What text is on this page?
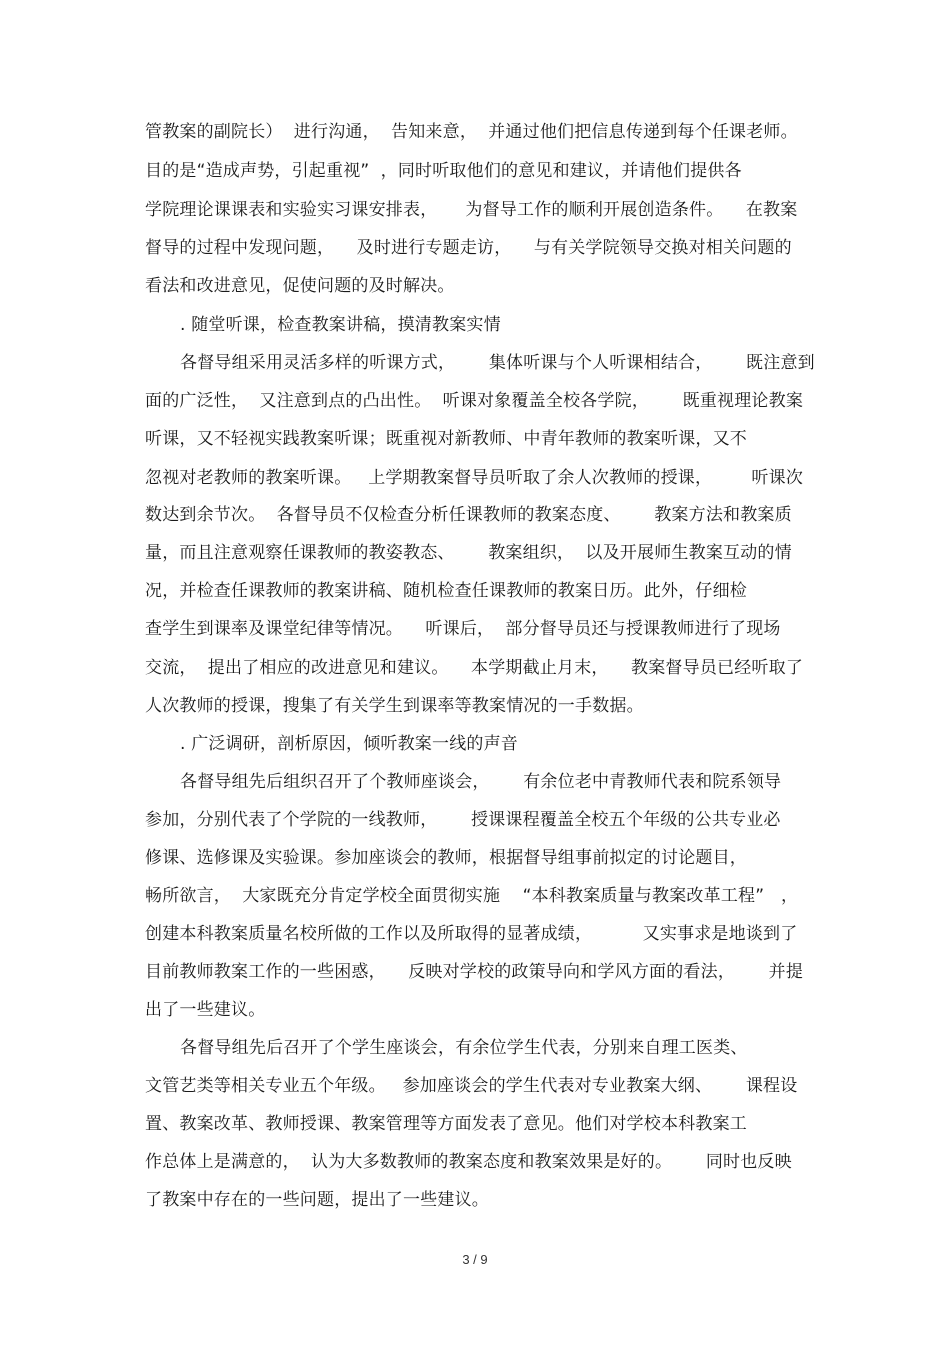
管教案的副院长）  进行沟通，  告知来意，  并通过他们把信息传递到每个任课老师。

目的是“造成声势，引起重视”  ，同时听取他们的意见和建议，并请他们提供各

学院理论课课表和实验实习课安排表，     为督导工作的顺利开展创造条件。    在教案

督导的过程中发现问题，    及时进行专题走访，    与有关学院领导交换对相关问题的

看法和改进意见，促使问题的及时解决。

. 随堂听课，检查教案讲稿，摸清教案实情

各督导组采用灵活多样的听课方式，      集体听课与个人听课相结合，      既注意到

面的广泛性，  又注意到点的凸出性。  听课对象覆盖全校各学院，      既重视理论教案

听课，又不轻视实践教案听课；既重视对新教师、中青年教师的教案听课，又不

忽视对老教师的教案听课。   上学期教案督导员听取了余人次教师的授课，       听课次

数达到余节次。  各督导员不仅检查分析任课教师的教案态度、      教案方法和教案质

量，而且注意观察任课教师的教姿教态、      教案组织，  以及开展师生教案互动的情

况，并检查任课教师的教案讲稿、随机检查任课教师的教案日历。此外，仔细检

查学生到课率及课堂纪律等情况。    听课后，  部分督导员还与授课教师进行了现场

交流，  提出了相应的改进意见和建议。    本学期截止月末，    教案督导员已经听取了

人次教师的授课，搜集了有关学生到课率等教案情况的一手数据。

. 广泛调研，剖析原因，倾听教案一线的声音

各督导组先后组织召开了个教师座谈会，      有余位老中青教师代表和院系领导

参加，分别代表了个学院的一线教师，      授课课程覆盖全校五个年级的公共专业必

修课、选修课及实验课。参加座谈会的教师，根据督导组事前拟定的讨论题目，

畅所欲言，  大家既充分肯定学校全面贯彻实施    “本科教案质量与教案改革工程”   ，

创建本科教案质量名校所做的工作以及所取得的显著成绩，         又实事求是地谈到了

目前教师教案工作的一些困惑，    反映对学校的政策导向和学风方面的看法，      并提

出了一些建议。

各督导组先后召开了个学生座谈会，有余位学生代表，分别来自理工医类、

文管艺类等相关专业五个年级。   参加座谈会的学生代表对专业教案大纲、      课程设

置、教案改革、教师授课、教案管理等方面发表了意见。他们对学校本科教案工

作总体上是满意的，  认为大多数教师的教案态度和教案效果是好的。      同时也反映

了教案中存在的一些问题，提出了一些建议。

3 / 9
